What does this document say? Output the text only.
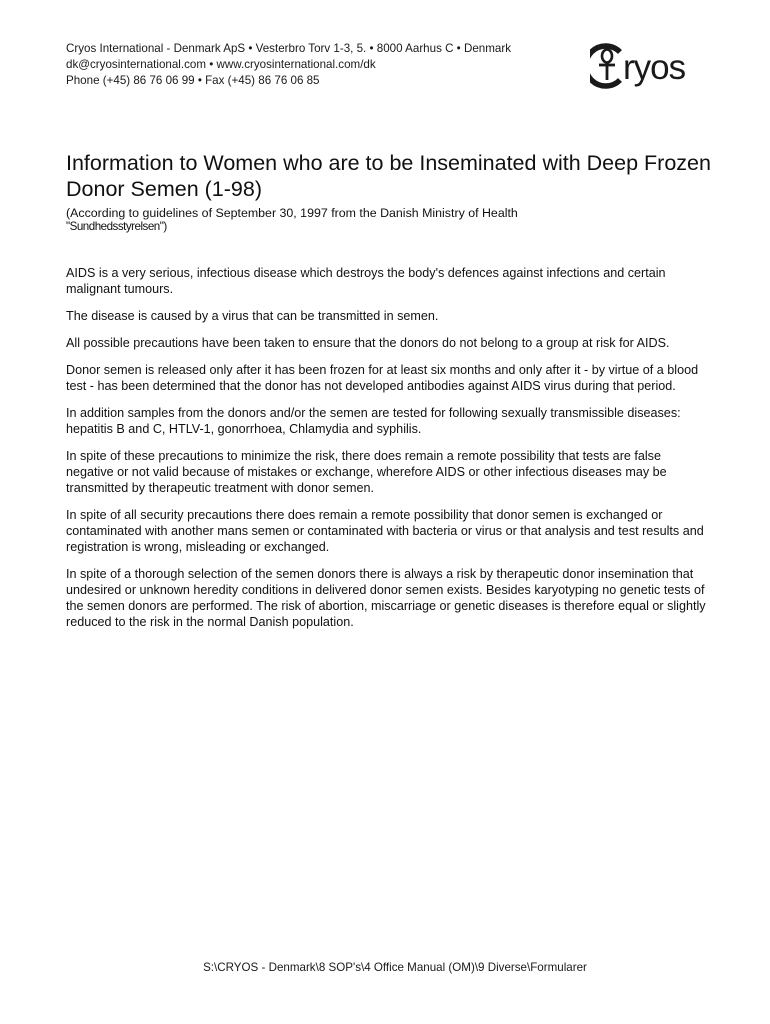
Cryos International - Denmark ApS • Vesterbro Torv 1-3, 5. • 8000 Aarhus C • Denmark
dk@cryosinternational.com • www.cryosinternational.com/dk
Phone (+45) 86 76 06 99 • Fax (+45) 86 76 06 85	ryos
Information to Women who are to be Inseminated with Deep Frozen Donor Semen (1-98)

(According to guidelines of September 30, 1997 from the Danish Ministry of Health
"Sundhedsstyrelsen")

AIDS is a very serious, infectious disease which destroys the body's defences against infections and certain malignant tumours.

The disease is caused by a virus that can be transmitted in semen.

All possible precautions have been taken to ensure that the donors do not belong to a group at risk for AIDS.

Donor semen is released only after it has been frozen for at least six months and only after it - by virtue of a blood test - has been determined that the donor has not developed antibodies against AIDS virus during that period.

In addition samples from the donors and/or the semen are tested for following sexually transmissible diseases: hepatitis B and C, HTLV-1, gonorrhoea, Chlamydia and syphilis.

In spite of these precautions to minimize the risk, there does remain a remote possibility that tests are false negative or not valid because of mistakes or exchange, wherefore AIDS or other infectious diseases may be transmitted by therapeutic treatment with donor semen.

In spite of all security precautions there does remain a remote possibility that donor semen is exchanged or contaminated with another mans semen or contaminated with bacteria or virus or that analysis and test results and registration is wrong, misleading or exchanged.

In spite of a thorough selection of the semen donors there is always a risk by therapeutic donor insemination that undesired or unknown heredity conditions in delivered donor semen exists. Besides karyotyping no genetic tests of the semen donors are performed. The risk of abortion, miscarriage or genetic diseases is therefore equal or slightly reduced to the risk in the normal Danish population.

S:\CRYOS - Denmark\8 SOP's\4 Office Manual (OM)\9 Diverse\Formularer
